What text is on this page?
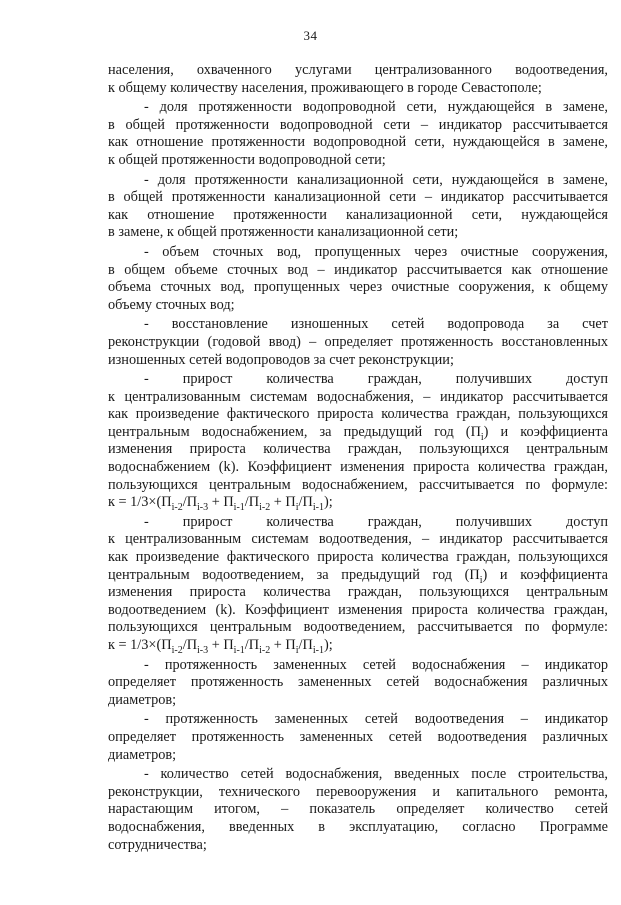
34
населения, охваченного услугами централизованного водоотведения,
к общему количеству населения, проживающего в городе Севастополе;
- доля протяженности водопроводной сети, нуждающейся в замене,
в общей протяженности водопроводной сети – индикатор рассчитывается
как отношение протяженности водопроводной сети, нуждающейся в замене,
к общей протяженности водопроводной сети;
- доля протяженности канализационной сети, нуждающейся в замене,
в общей протяженности канализационной сети – индикатор рассчитывается
как отношение протяженности канализационной сети, нуждающейся
в замене, к общей протяженности канализационной сети;
- объем сточных вод, пропущенных через очистные сооружения,
в общем объеме сточных вод – индикатор рассчитывается как отношение
объема сточных вод, пропущенных через очистные сооружения, к общему
объему сточных вод;
- восстановление изношенных сетей водопровода за счет
реконструкции (годовой ввод) – определяет протяженность восстановленных
изношенных сетей водопроводов за счет реконструкции;
- прирост количества граждан, получивших доступ
к централизованным системам водоснабжения, – индикатор рассчитывается
как произведение фактического прироста количества граждан, пользующихся
центральным водоснабжением, за предыдущий год $(П_i)$ и коэффициента
изменения прироста количества граждан, пользующихся центральным
водоснабжением (k). Коэффициент изменения прироста количества граждан,
пользующихся центральным водоснабжением, рассчитывается по формуле:
$к = 1/3\times(П_{i-2}/П_{i-3} + П_{i-1}/П_{i-2} + П_i/П_{i-1})$;
- прирост количества граждан, получивших доступ
к централизованным системам водоотведения, – индикатор рассчитывается
как произведение фактического прироста количества граждан, пользующихся
центральным водоотведением, за предыдущий год $(П_i)$ и коэффициента
изменения прироста количества граждан, пользующихся центральным
водоотведением (k). Коэффициент изменения прироста количества граждан,
пользующихся центральным водоотведением, рассчитывается по формуле:
$к = 1/3\times(П_{i-2}/П_{i-3} + П_{i-1}/П_{i-2} + П_i/П_{i-1})$;
- протяженность замененных сетей водоснабжения – индикатор
определяет протяженность замененных сетей водоснабжения различных
диаметров;
- протяженность замененных сетей водоотведения – индикатор
определяет протяженность замененных сетей водоотведения различных
диаметров;
- количество сетей водоснабжения, введенных после строительства,
реконструкции, технического перевооружения и капитального ремонта,
нарастающим итогом, – показатель определяет количество сетей
водоснабжения, введенных в эксплуатацию, согласно Программе
сотрудничества;
